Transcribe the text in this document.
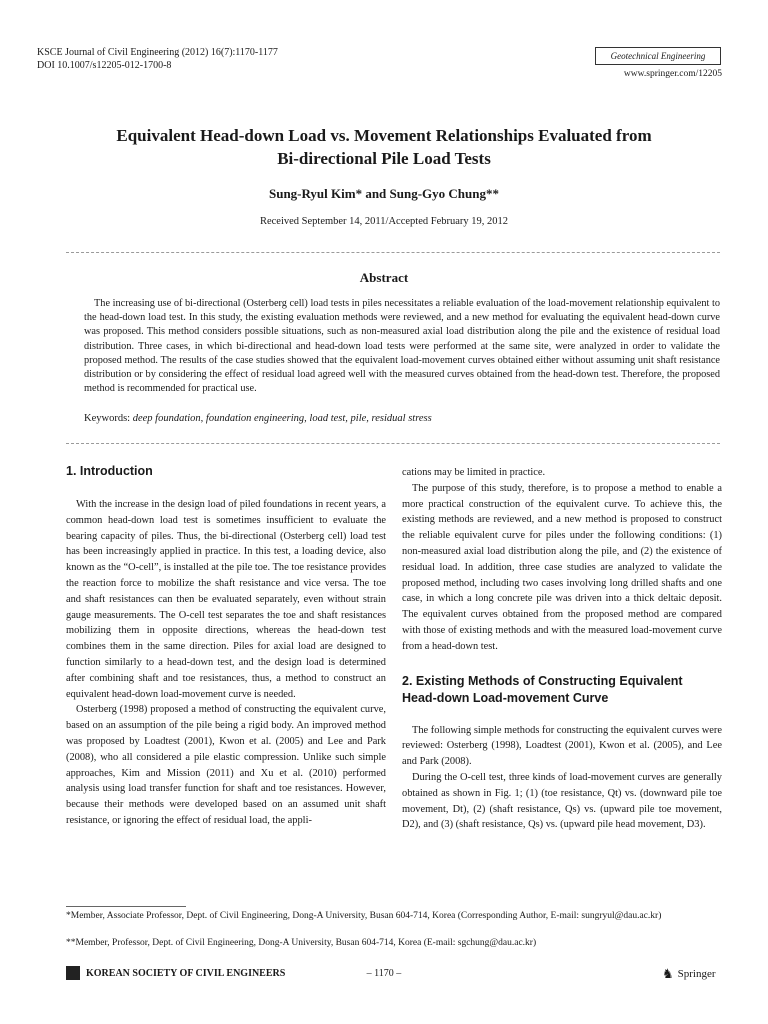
KSCE Journal of Civil Engineering (2012) 16(7):1170-1177
DOI 10.1007/s12205-012-1700-8
Geotechnical Engineering
www.springer.com/12205
Equivalent Head-down Load vs. Movement Relationships Evaluated from
Bi-directional Pile Load Tests
Sung-Ryul Kim* and Sung-Gyo Chung**
Received September 14, 2011/Accepted February 19, 2012
Abstract

The increasing use of bi-directional (Osterberg cell) load tests in piles necessitates a reliable evaluation of the load-movement relationship equivalent to the head-down load test. In this study, the existing evaluation methods were reviewed, and a new method for evaluating the equivalent head-down curve was proposed. This method considers possible situations, such as non-measured axial load distribution along the pile and the existence of residual load distribution. Three cases, in which bi-directional and head-down load tests were performed at the same site, were analyzed in order to validate the proposed method. The results of the case studies showed that the equivalent load-movement curves obtained either without assuming unit shaft resistance distribution or by considering the effect of residual load agreed well with the measured curves obtained from the head-down test. Therefore, the proposed method is recommended for practical use.

Keywords: deep foundation, foundation engineering, load test, pile, residual stress
1. Introduction

With the increase in the design load of piled foundations in recent years, a common head-down load test is sometimes insufficient to evaluate the bearing capacity of piles. Thus, the bi-directional (Osterberg cell) load test has been increasingly applied in practice. In this test, a loading device, also known as the “O-cell”, is installed at the pile toe. The toe resistance provides the reaction force to mobilize the shaft resistance and vice versa. The toe and shaft resistances can then be evaluated separately, even without strain gauge measurements. The O-cell test separates the toe and shaft resistances mobilizing them in opposite directions, whereas the head-down test combines them in the same direction. Piles for axial load are designed to function similarly to a head-down test, and the design load is determined after combining shaft and toe resistances, thus, a method to construct an equivalent head-down load-movement curve is needed.

Osterberg (1998) proposed a method of constructing the equivalent curve, based on an assumption of the pile being a rigid body. An improved method was proposed by Loadtest (2001), Kwon et al. (2005) and Lee and Park (2008), who all considered a pile elastic compression. Unlike such simple approaches, Kim and Mission (2011) and Xu et al. (2010) performed analysis using load transfer function for shaft and toe resistances. However, because their methods were developed based on an assumed unit shaft resistance, or ignoring the effect of residual load, the appli-

cations may be limited in practice.

The purpose of this study, therefore, is to propose a method to enable a more practical construction of the equivalent curve. To achieve this, the existing methods are reviewed, and a new method is proposed to construct the reliable equivalent curve for piles under the following conditions: (1) non-measured axial load distribution along the pile, and (2) the existence of residual load. In addition, three case studies are analyzed to validate the proposed method, including two cases involving long drilled shafts and one case, in which a long concrete pile was driven into a thick deltaic deposit. The equivalent curves obtained from the proposed method are compared with those of existing methods and with the measured load-movement curve from a head-down test.

2. Existing Methods of Constructing Equivalent
Head-down Load-movement Curve

The following simple methods for constructing the equivalent curves were reviewed: Osterberg (1998), Loadtest (2001), Kwon et al. (2005), and Lee and Park (2008).

During the O-cell test, three kinds of load-movement curves are generally obtained as shown in Fig. 1; (1) (toe resistance, Qt) vs. (downward pile toe movement, Dt), (2) (shaft resistance, Qs) vs. (upward pile toe movement, D2), and (3) (shaft resistance, Qs) vs. (upward pile head movement, D3).

*Member, Associate Professor, Dept. of Civil Engineering, Dong-A University, Busan 604-714, Korea (Corresponding Author, E-mail: sungryul@dau.ac.kr)
**Member, Professor, Dept. of Civil Engineering, Dong-A University, Busan 604-714, Korea (E-mail: sgchung@dau.ac.kr)
KOREAN SOCIETY OF CIVIL ENGINEERS	– 1170 –	♞ Springer
